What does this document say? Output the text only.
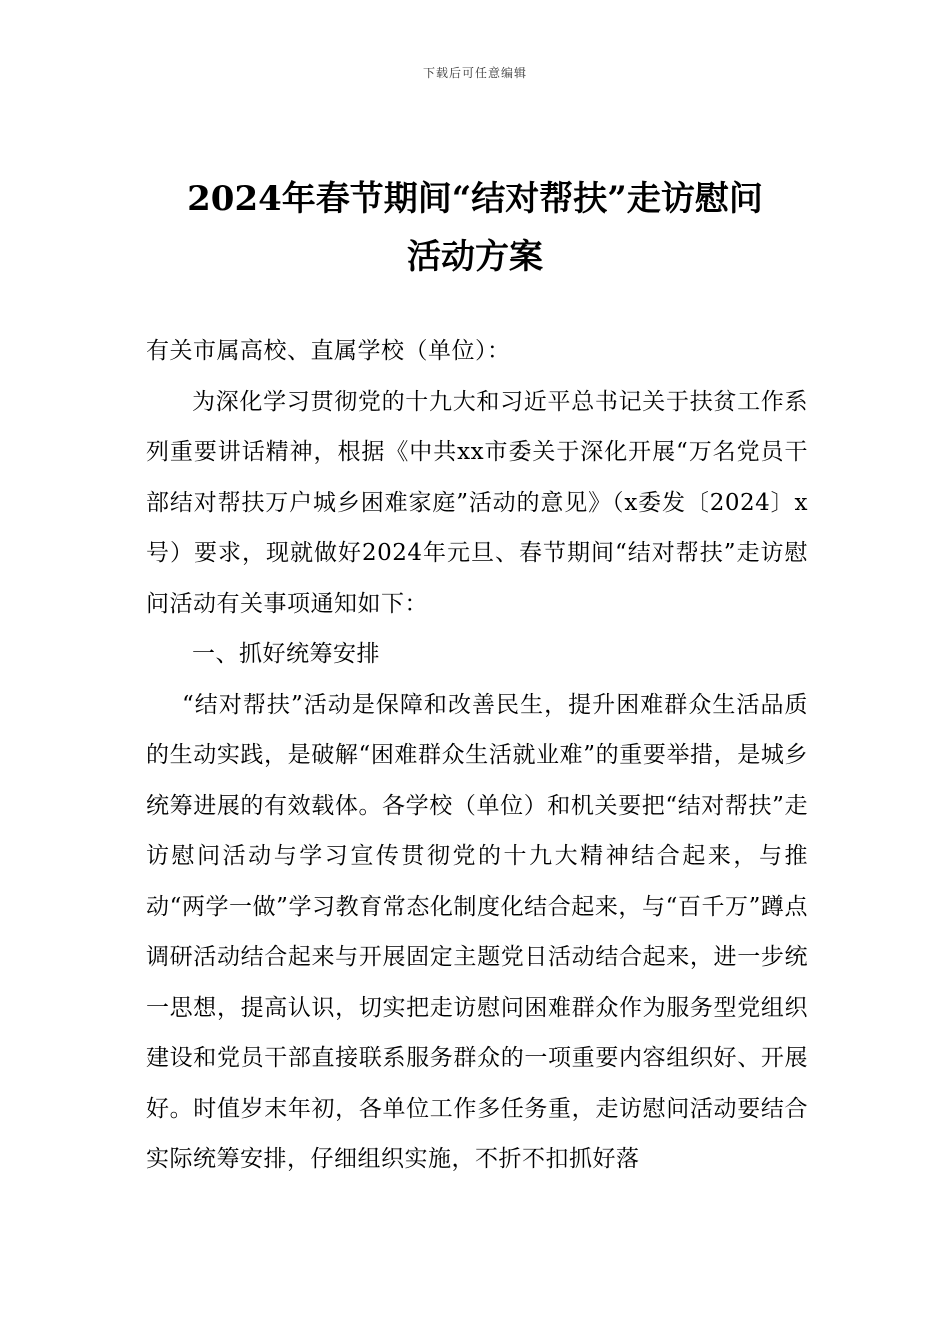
下载后可任意编辑
2024年春节期间“结对帮扶”走访慰问
活动方案

有关市属高校、直属学校（单位）：

为深化学习贯彻党的十九大和习近平总书记关于扶贫工作系列重要讲话精神，根据《中共xx市委关于深化开展“万名党员干部结对帮扶万户城乡困难家庭”活动的意见》（x委发〔2024〕x号）要求，现就做好2024年元旦、春节期间“结对帮扶”走访慰问活动有关事项通知如下：

一、抓好统筹安排

“结对帮扶”活动是保障和改善民生，提升困难群众生活品质的生动实践，是破解“困难群众生活就业难”的重要举措，是城乡统筹进展的有效载体。各学校（单位）和机关要把“结对帮扶”走访慰问活动与学习宣传贯彻党的十九大精神结合起来，与推动“两学一做”学习教育常态化制度化结合起来，与“百千万”蹲点调研活动结合起来与开展固定主题党日活动结合起来，进一步统一思想，提高认识，切实把走访慰问困难群众作为服务型党组织建设和党员干部直接联系服务群众的一项重要内容组织好、开展好。时值岁末年初，各单位工作多任务重，走访慰问活动要结合实际统筹安排，仔细组织实施，不折不扣抓好落
